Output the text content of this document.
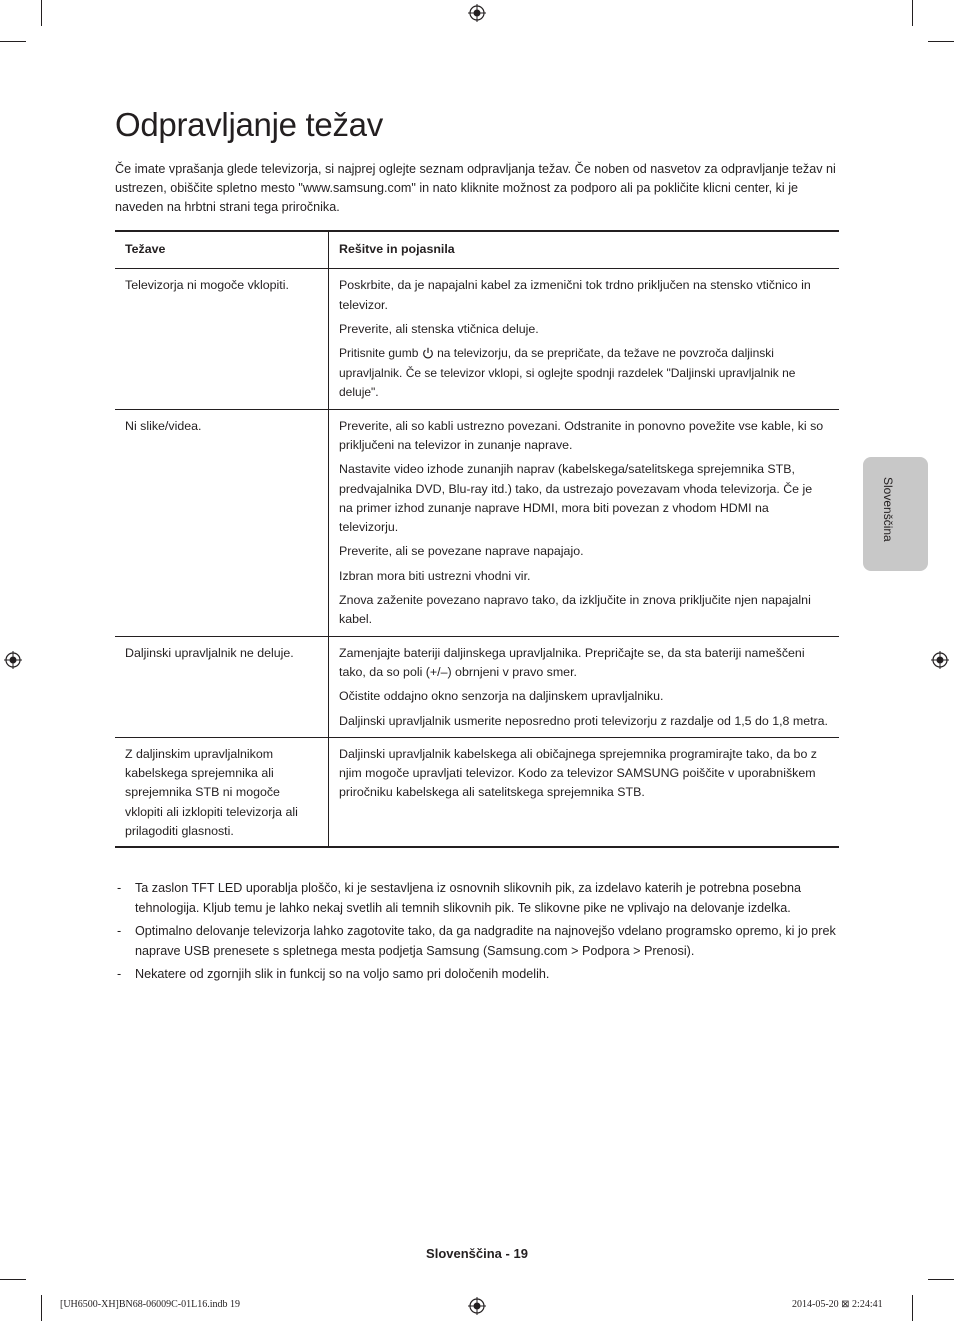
Odpravljanje težav

Če imate vprašanja glede televizorja, si najprej oglejte seznam odpravljanja težav. Če noben od nasvetov za odpravljanje težav ni ustrezen, obiščite spletno mesto "www.samsung.com" in nato kliknite možnost za podporo ali pa pokličite klicni center, ki je naveden na hrbtni strani tega priročnika.

Težave	Rešitve in pojasnila
Televizorja ni mogoče vklopiti.	Poskrbite, da je napajalni kabel za izmenični tok trdno priključen na stensko vtičnico in televizor.

Preverite, ali stenska vtičnica deluje.

Pritisnite gumb na televizorju, da se prepričate, da težave ne povzroča daljinski upravljalnik. Če se televizor vklopi, si oglejte spodnji razdelek "Daljinski upravljalnik ne deluje".

Ni slike/videa.	Preverite, ali so kabli ustrezno povezani. Odstranite in ponovno povežite vse kable, ki so priključeni na televizor in zunanje naprave.

Nastavite video izhode zunanjih naprav (kabelskega/satelitskega sprejemnika STB, predvajalnika DVD, Blu-ray itd.) tako, da ustrezajo povezavam vhoda televizorja. Če je na primer izhod zunanje naprave HDMI, mora biti povezan z vhodom HDMI na televizorju.

Preverite, ali se povezane naprave napajajo.

Izbran mora biti ustrezni vhodni vir.

Znova zaženite povezano napravo tako, da izključite in znova priključite njen napajalni kabel.

Daljinski upravljalnik ne deluje.	Zamenjajte bateriji daljinskega upravljalnika. Prepričajte se, da sta bateriji nameščeni tako, da so poli (+/–) obrnjeni v pravo smer.

Očistite oddajno okno senzorja na daljinskem upravljalniku.

Daljinski upravljalnik usmerite neposredno proti televizorju z razdalje od 1,5 do 1,8 metra.

Z daljinskim upravljalnikom kabelskega sprejemnika ali sprejemnika STB ni mogoče vklopiti ali izklopiti televizorja ali prilagoditi glasnosti.	Daljinski upravljalnik kabelskega ali običajnega sprejemnika programirajte tako, da bo z njim mogoče upravljati televizor. Kodo za televizor SAMSUNG poiščite v uporabniškem priročniku kabelskega ali satelitskega sprejemnika STB.

- Ta zaslon TFT LED uporablja ploščo, ki je sestavljena iz osnovnih slikovnih pik, za izdelavo katerih je potrebna posebna tehnologija. Kljub temu je lahko nekaj svetlih ali temnih slikovnih pik. Te slikovne pike ne vplivajo na delovanje izdelka.
- Optimalno delovanje televizorja lahko zagotovite tako, da ga nadgradite na najnovejšo vdelano programsko opremo, ki jo prek naprave USB prenesete s spletnega mesta podjetja Samsung (Samsung.com > Podpora > Prenosi).
- Nekatere od zgornjih slik in funkcij so na voljo samo pri določenih modelih.
Slovenščina
Slovenščina - 19
[UH6500-XH]BN68-06009C-01L16.indb 19	2014-05-20 ⊠ 2:24:41
